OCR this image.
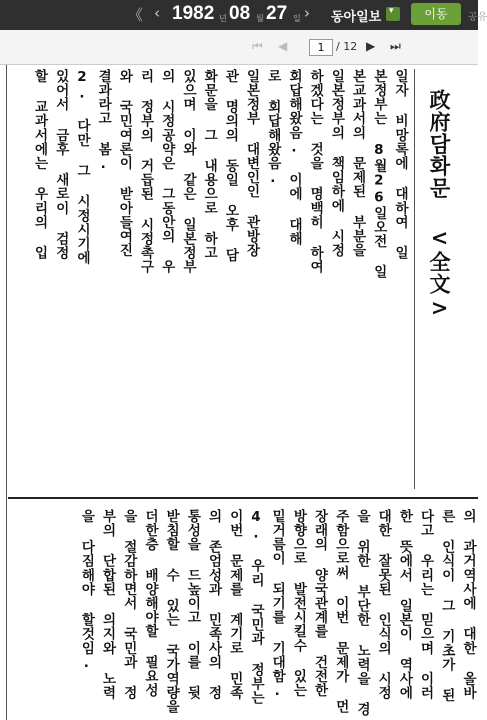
《 ‹ 1982 년 08 월 27 일 › 동아일보 ▾	이동	공유
⏮ ◀	1	/ 12 ▶ ⏭
政府담화문 <全文>
일자 비망록에 대하여 일
본정부는 8월26일오전 일
본교과서의 문제된 부분을
일본정부의 책임하에 시정
하겠다는 것을 명백히 하여
회답해왔음. 이에 대해
로 회답해왔음.
일본정부 대변인인 관방장
관 명의의 동일 오후 담
화문을 그 내용으로 하고
있으며 이와 같은 일본정부
의 시정공약은 그동안의 우
리 정부의 거듭된 시정촉구
와 국민여론이 받아들여진
결과라고 봄.
2. 다만 그 시정시기에
있어서 금후 새로이 검정
할 교과서에는 우리의 입
의 과거역사에 대한 올바
른 인식이 그 기초가 된
다고 우리는 믿으며 이러
한 뜻에서 일본이 역사에
대한 잘못된 인식의 시정
을 위한 부단한 노력을 경
주함으로써 이번 문제가 먼
장래의 양국관계를 건전한
방향으로 발전시킬수 있는
밑거름이 되기를 기대함.
4. 우리 국민과 정부는
이번 문제를 계기로 민족
의 존엄성과 민족사의 정
통성을 드높이고 이를 뒷
받침할 수 있는 국가역량을
더한층 배양해야할 필요성
을 절감하면서 국민과 정
부의 단합된 의지와 노력
을 다짐해야 할것임.
